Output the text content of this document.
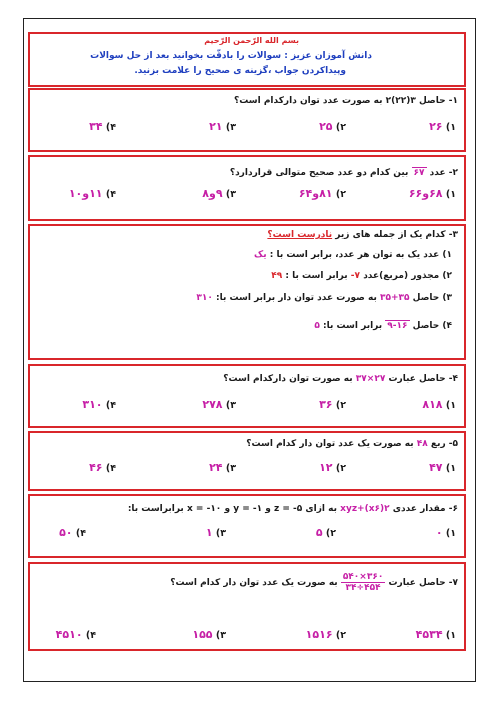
بسم الله الرّحمن الرّحیم
دانش آموزان عزیز : سوالات را بادقّت بخوانید بعد از حل سوالات
وپیداکردن جواب ،گزینه ی صحیح را علامت بزنید.
۱- حاصل ۳(۲۲)۲ به صورت عدد توان دارکدام است؟
۱) ۲۶
۲) ۲۵
۳) ۲۱
۴) ۳۴
۲- عدد ۶۷ بین کدام دو عدد صحیح متوالی قراردارد؟
۱) ۶۸و۶۶
۲) ۸۱و۶۴
۳) ۹و۸
۴) ۱۱و۱۰
۳- کدام یک از جمله های زیر نادرست است؟
۱) عدد یک به توان هر عدد، برابر است با : یک
۲) مجذور (مربع)عدد ۷- برابر است با : ۴۹
۳) حاصل ۳۵+۳۵ به صورت عدد توان دار برابر است با: ۳۱۰
۴) حاصل ۹-۱۶ برابر است با: ۵
۴- حاصل عبارت ۲۷×۳۷ به صورت توان دارکدام است؟
۱) ۸۱۸
۲) ۳۶
۳) ۲۷۸
۴) ۳۱۰
۵- ربع ۴۸ به صورت یک عدد توان دار کدام است؟
۱) ۴۷
۲) ۱۲
۳) ۲۴
۴) ۴۶
۶- مقدار عددی xyz+(x۶)۲ به ازای ۵- = z و ۱- = y و ۱۰- = x برابراست با:
۱) ۰
۲) ۵
۳) ۱
۴) ۵۰
۷- حاصل عبارت
$\frac{۳۶۰\times ۵۴۰}{۴۵۴\div ۳۴}$
به صورت یک عدد توان دار کدام است؟
۱) ۴۵۳۴
۲) ۱۵۱۶
۳) ۱۵۵
۴) ۴۵۱۰
